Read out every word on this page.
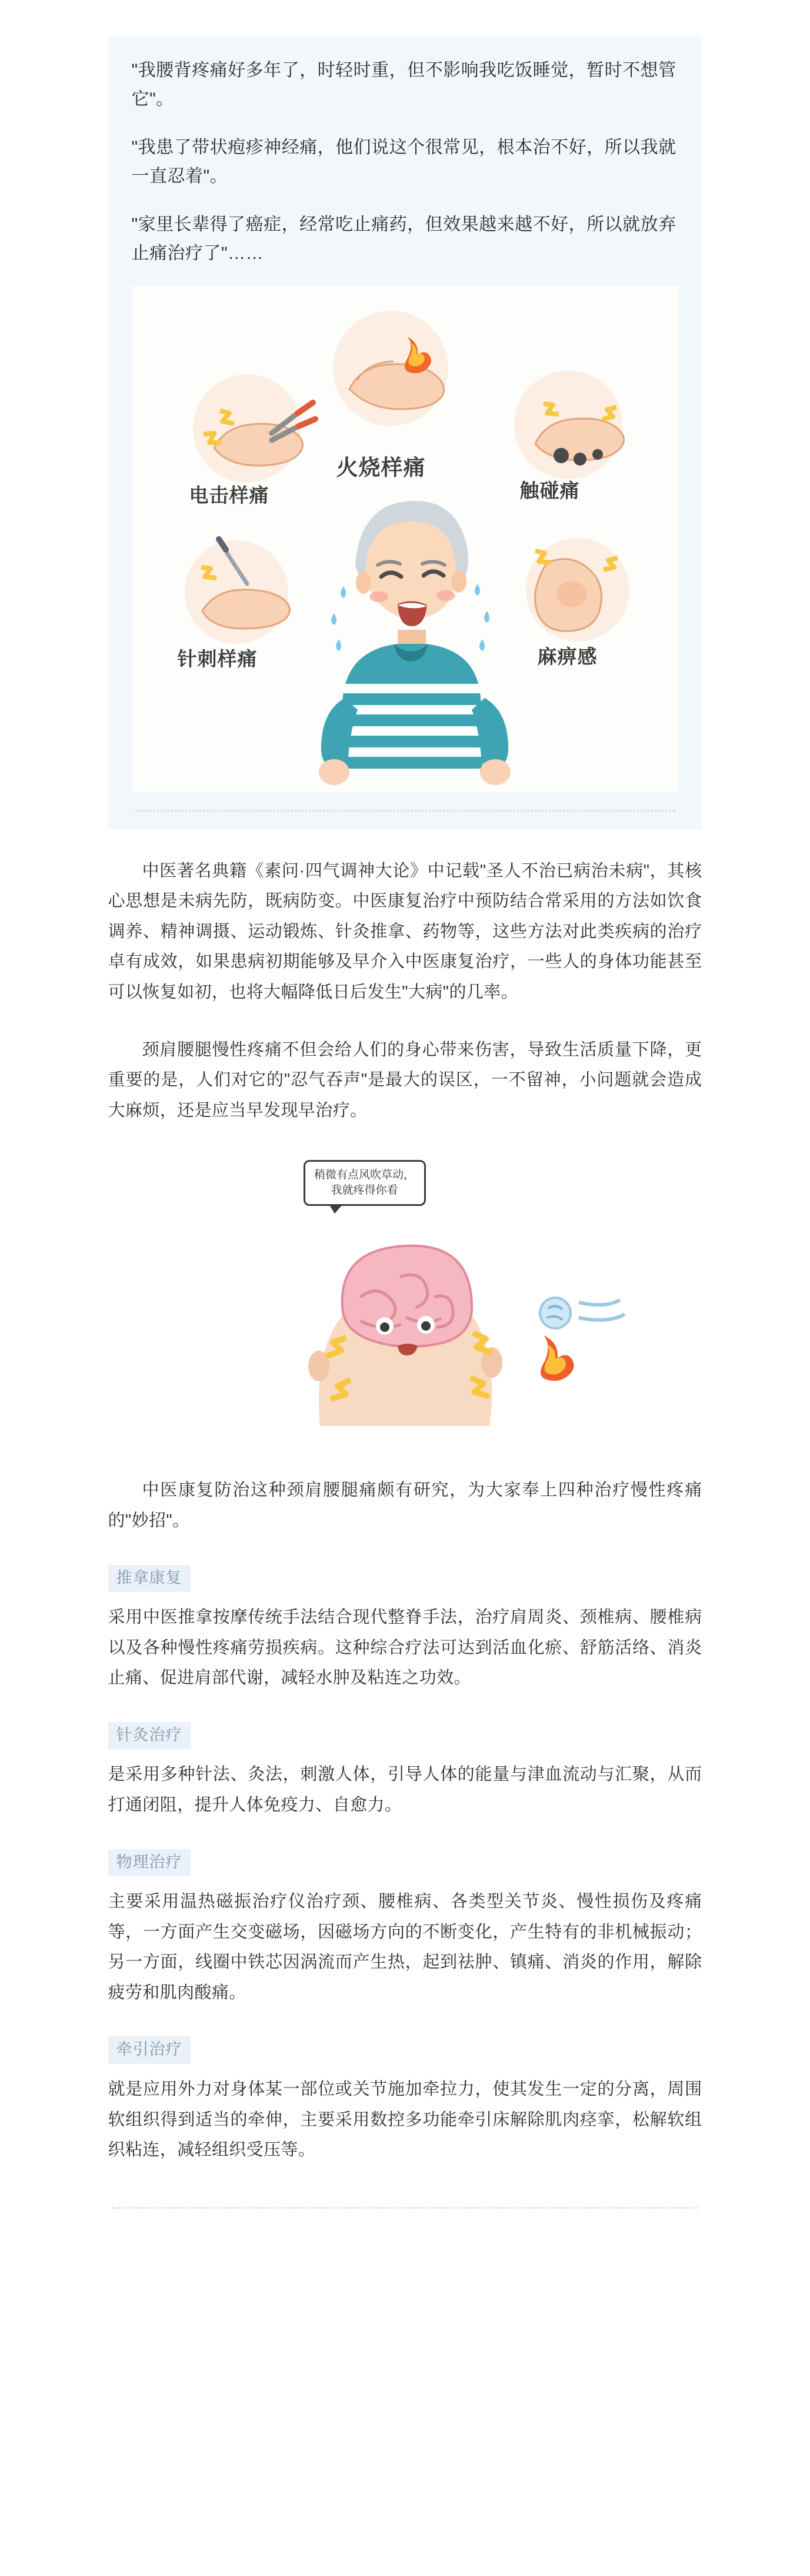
"我腰背疼痛好多年了，时轻时重，但不影响我吃饭睡觉，暂时不想管它"。

"我患了带状疱疹神经痛，他们说这个很常见，根本治不好，所以我就一直忍着"。

"家里长辈得了癌症，经常吃止痛药，但效果越来越不好，所以就放弃止痛治疗了"……

电击样痛
火烧样痛
触碰痛
针刺样痛	麻痹感

中医著名典籍《素问·四气调神大论》中记载"圣人不治已病治未病"，其核心思想是未病先防，既病防变。中医康复治疗中预防结合常采用的方法如饮食调养、精神调摄、运动锻炼、针灸推拿、药物等，这些方法对此类疾病的治疗卓有成效，如果患病初期能够及早介入中医康复治疗，一些人的身体功能甚至可以恢复如初，也将大幅降低日后发生"大病"的几率。

颈肩腰腿慢性疼痛不但会给人们的身心带来伤害，导致生活质量下降，更重要的是，人们对它的"忍气吞声"是最大的误区，一不留神，小问题就会造成大麻烦，还是应当早发现早治疗。

稍微有点风吹草动，我就疼得你看

中医康复防治这种颈肩腰腿痛颇有研究，为大家奉上四种治疗慢性疼痛的"妙招"。

推拿康复

采用中医推拿按摩传统手法结合现代整脊手法，治疗肩周炎、颈椎病、腰椎病以及各种慢性疼痛劳损疾病。这种综合疗法可达到活血化瘀、舒筋活络、消炎止痛、促进肩部代谢，减轻水肿及粘连之功效。

针灸治疗

是采用多种针法、灸法，刺激人体，引导人体的能量与津血流动与汇聚，从而打通闭阻，提升人体免疫力、自愈力。

物理治疗

主要采用温热磁振治疗仪治疗颈、腰椎病、各类型关节炎、慢性损伤及疼痛等，一方面产生交变磁场，因磁场方向的不断变化，产生特有的非机械振动；另一方面，线圈中铁芯因涡流而产生热，起到祛肿、镇痛、消炎的作用，解除疲劳和肌肉酸痛。

牵引治疗

就是应用外力对身体某一部位或关节施加牵拉力，使其发生一定的分离，周围软组织得到适当的牵伸，主要采用数控多功能牵引床解除肌肉痉挛，松解软组织粘连，减轻组织受压等。
